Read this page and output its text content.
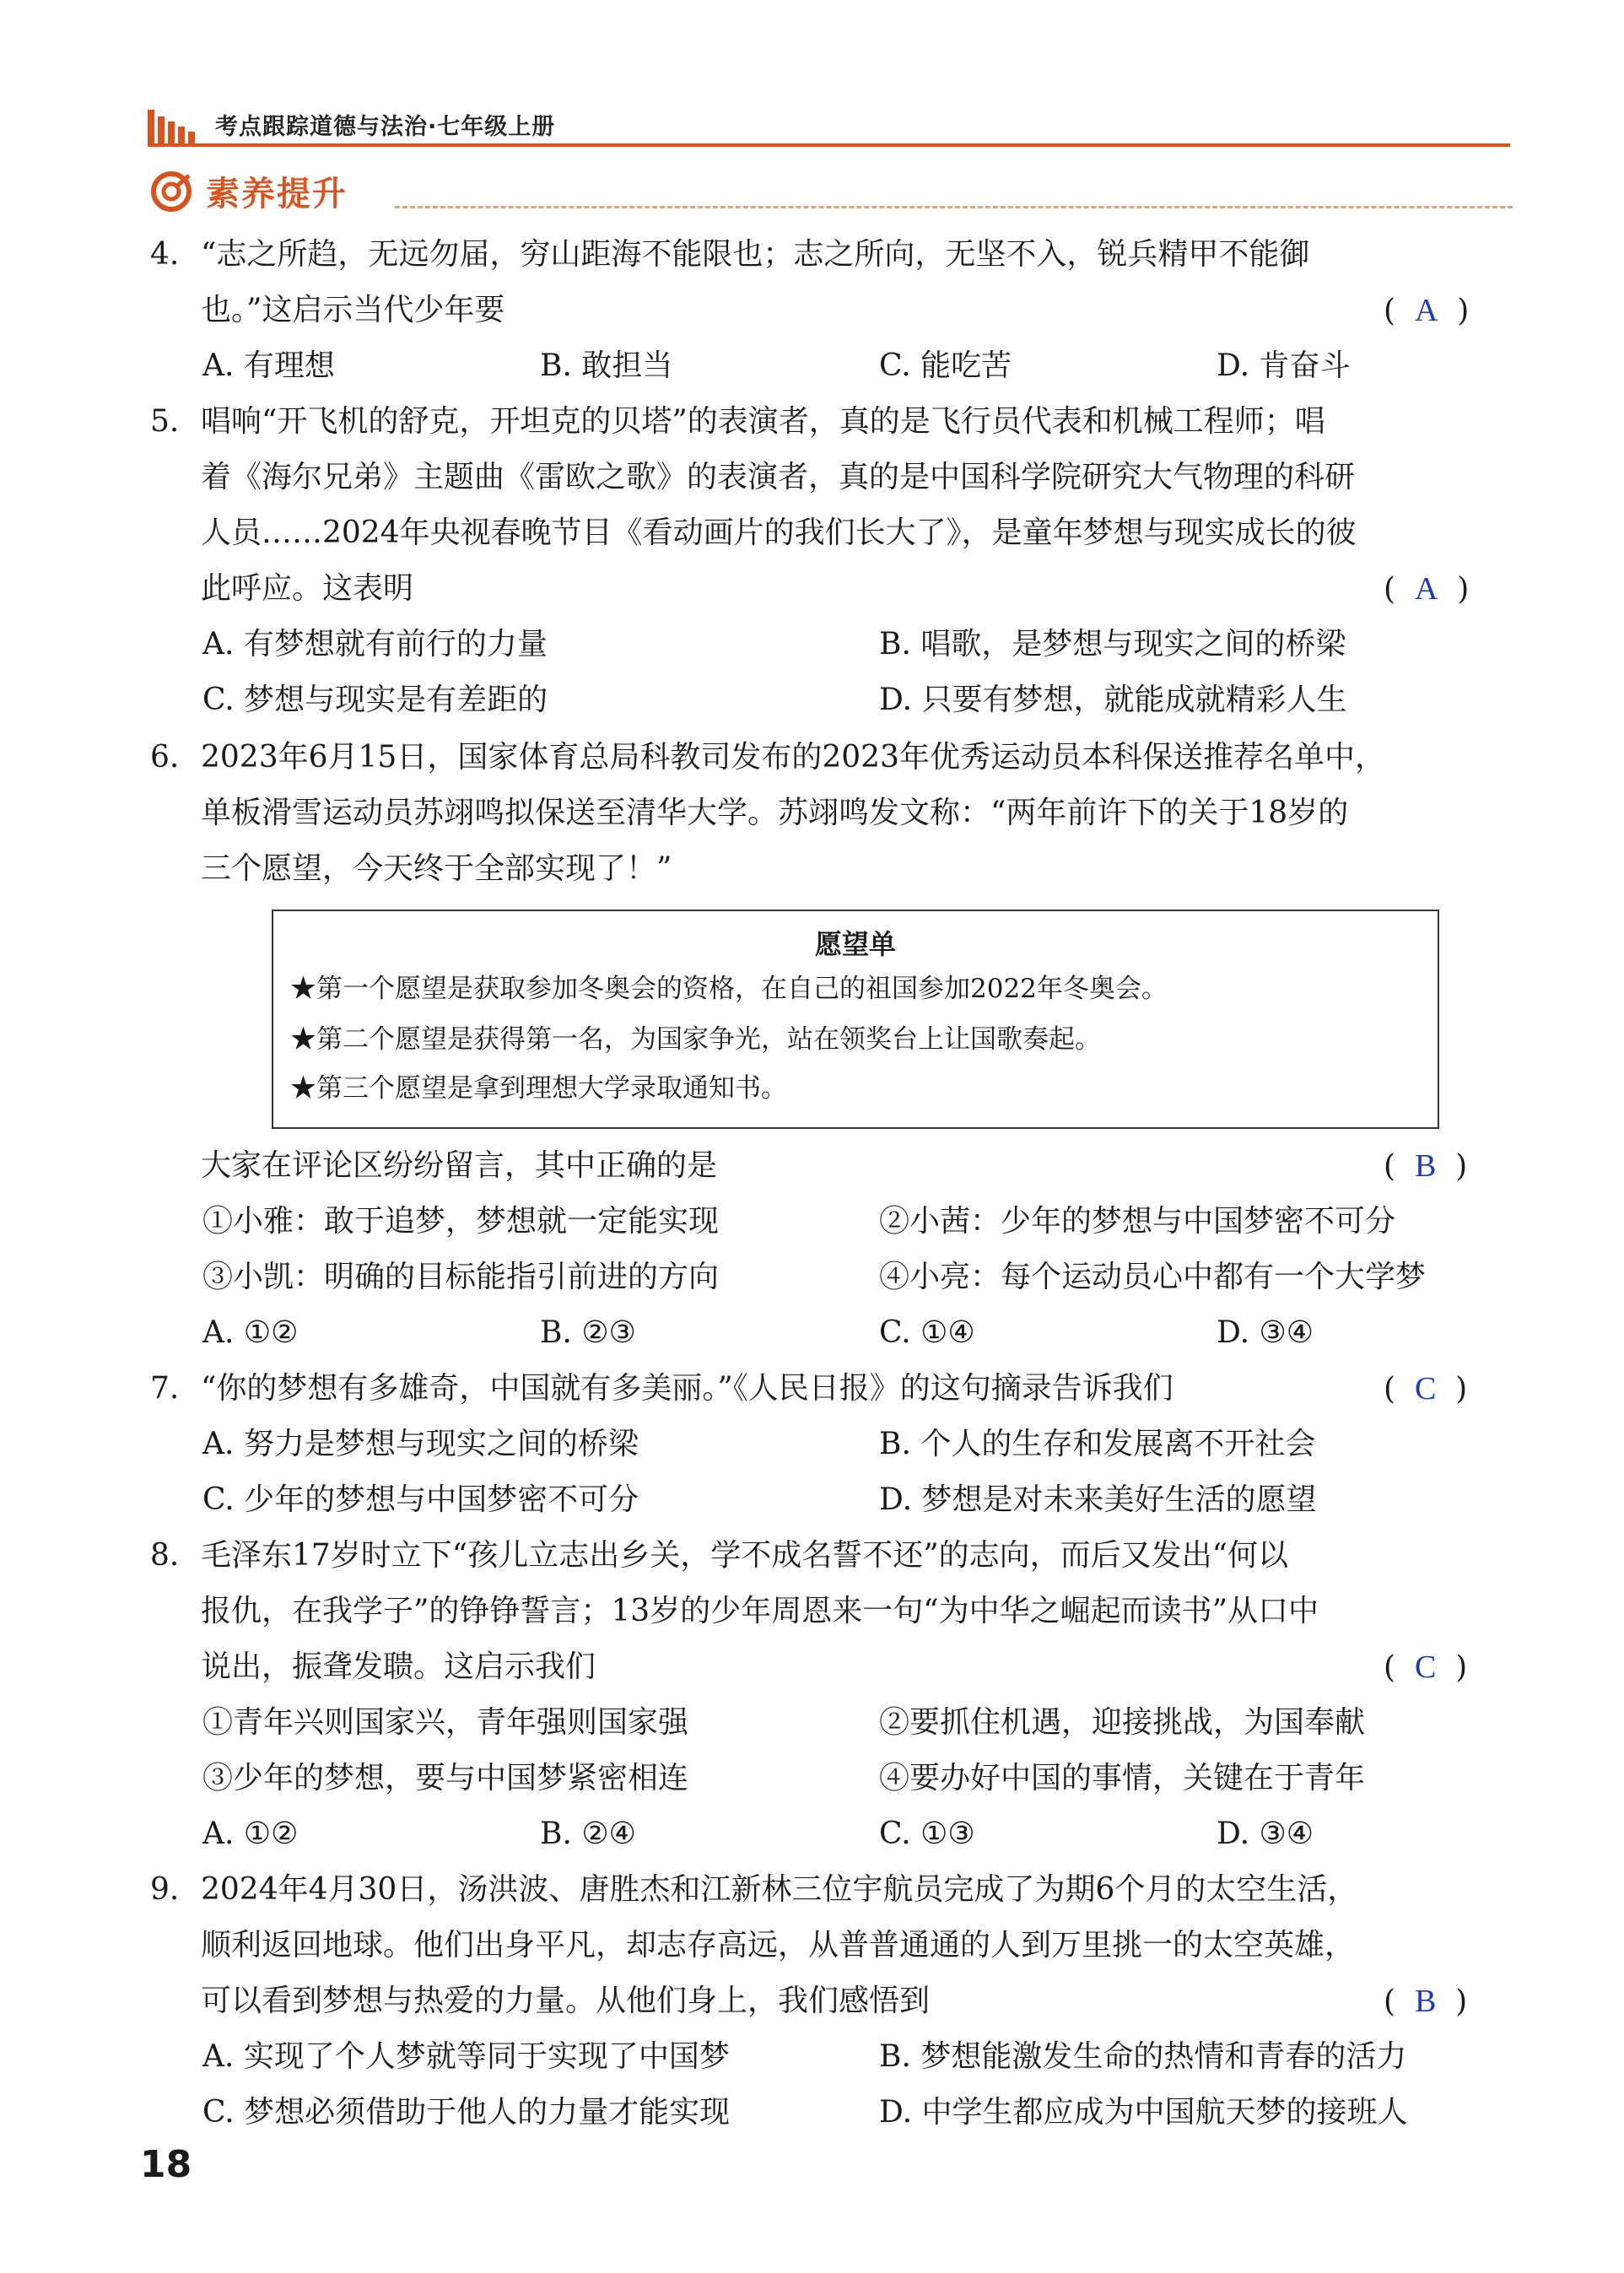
考点跟踪道德与法治·七年级上册
素养提升
4. “志之所趋，无远勿届，穷山距海不能限也；志之所向，无坚不入，锐兵精甲不能御
也。”这启示当代少年要	(  A  )
A. 有理想	B. 敢担当	C. 能吃苦	D. 肯奋斗
5. 唱响“开飞机的舒克，开坦克的贝塔”的表演者，真的是飞行员代表和机械工程师；唱
着《海尔兄弟》主题曲《雷欧之歌》的表演者，真的是中国科学院研究大气物理的科研
人员……2024年央视春晚节目《看动画片的我们长大了》，是童年梦想与现实成长的彼
此呼应。这表明	(  A  )
A. 有梦想就有前行的力量	B. 唱歌，是梦想与现实之间的桥梁
C. 梦想与现实是有差距的	D. 只要有梦想，就能成就精彩人生
6. 2023年6月15日，国家体育总局科教司发布的2023年优秀运动员本科保送推荐名单中，
单板滑雪运动员苏翊鸣拟保送至清华大学。苏翊鸣发文称：“两年前许下的关于18岁的
三个愿望，今天终于全部实现了！”
愿望单
★第一个愿望是获取参加冬奥会的资格，在自己的祖国参加2022年冬奥会。
★第二个愿望是获得第一名，为国家争光，站在领奖台上让国歌奏起。
★第三个愿望是拿到理想大学录取通知书。
大家在评论区纷纷留言，其中正确的是	(  B  )
①小雅：敢于追梦，梦想就一定能实现	②小茜：少年的梦想与中国梦密不可分
③小凯：明确的目标能指引前进的方向	④小亮：每个运动员心中都有一个大学梦
A. ①②	B. ②③	C. ①④	D. ③④
7. “你的梦想有多雄奇，中国就有多美丽。”《人民日报》的这句摘录告诉我们	(  C  )
A. 努力是梦想与现实之间的桥梁	B. 个人的生存和发展离不开社会
C. 少年的梦想与中国梦密不可分	D. 梦想是对未来美好生活的愿望
8. 毛泽东17岁时立下“孩儿立志出乡关，学不成名誓不还”的志向，而后又发出“何以
报仇，在我学子”的铮铮誓言；13岁的少年周恩来一句“为中华之崛起而读书”从口中
说出，振聋发聩。这启示我们	(  C  )
①青年兴则国家兴，青年强则国家强	②要抓住机遇，迎接挑战，为国奉献
③少年的梦想，要与中国梦紧密相连	④要办好中国的事情，关键在于青年
A. ①②	B. ②④	C. ①③	D. ③④
9. 2024年4月30日，汤洪波、唐胜杰和江新林三位宇航员完成了为期6个月的太空生活，
顺利返回地球。他们出身平凡，却志存高远，从普普通通的人到万里挑一的太空英雄，
可以看到梦想与热爱的力量。从他们身上，我们感悟到	(  B  )
A. 实现了个人梦就等同于实现了中国梦	B. 梦想能激发生命的热情和青春的活力
C. 梦想必须借助于他人的力量才能实现	D. 中学生都应成为中国航天梦的接班人
18
